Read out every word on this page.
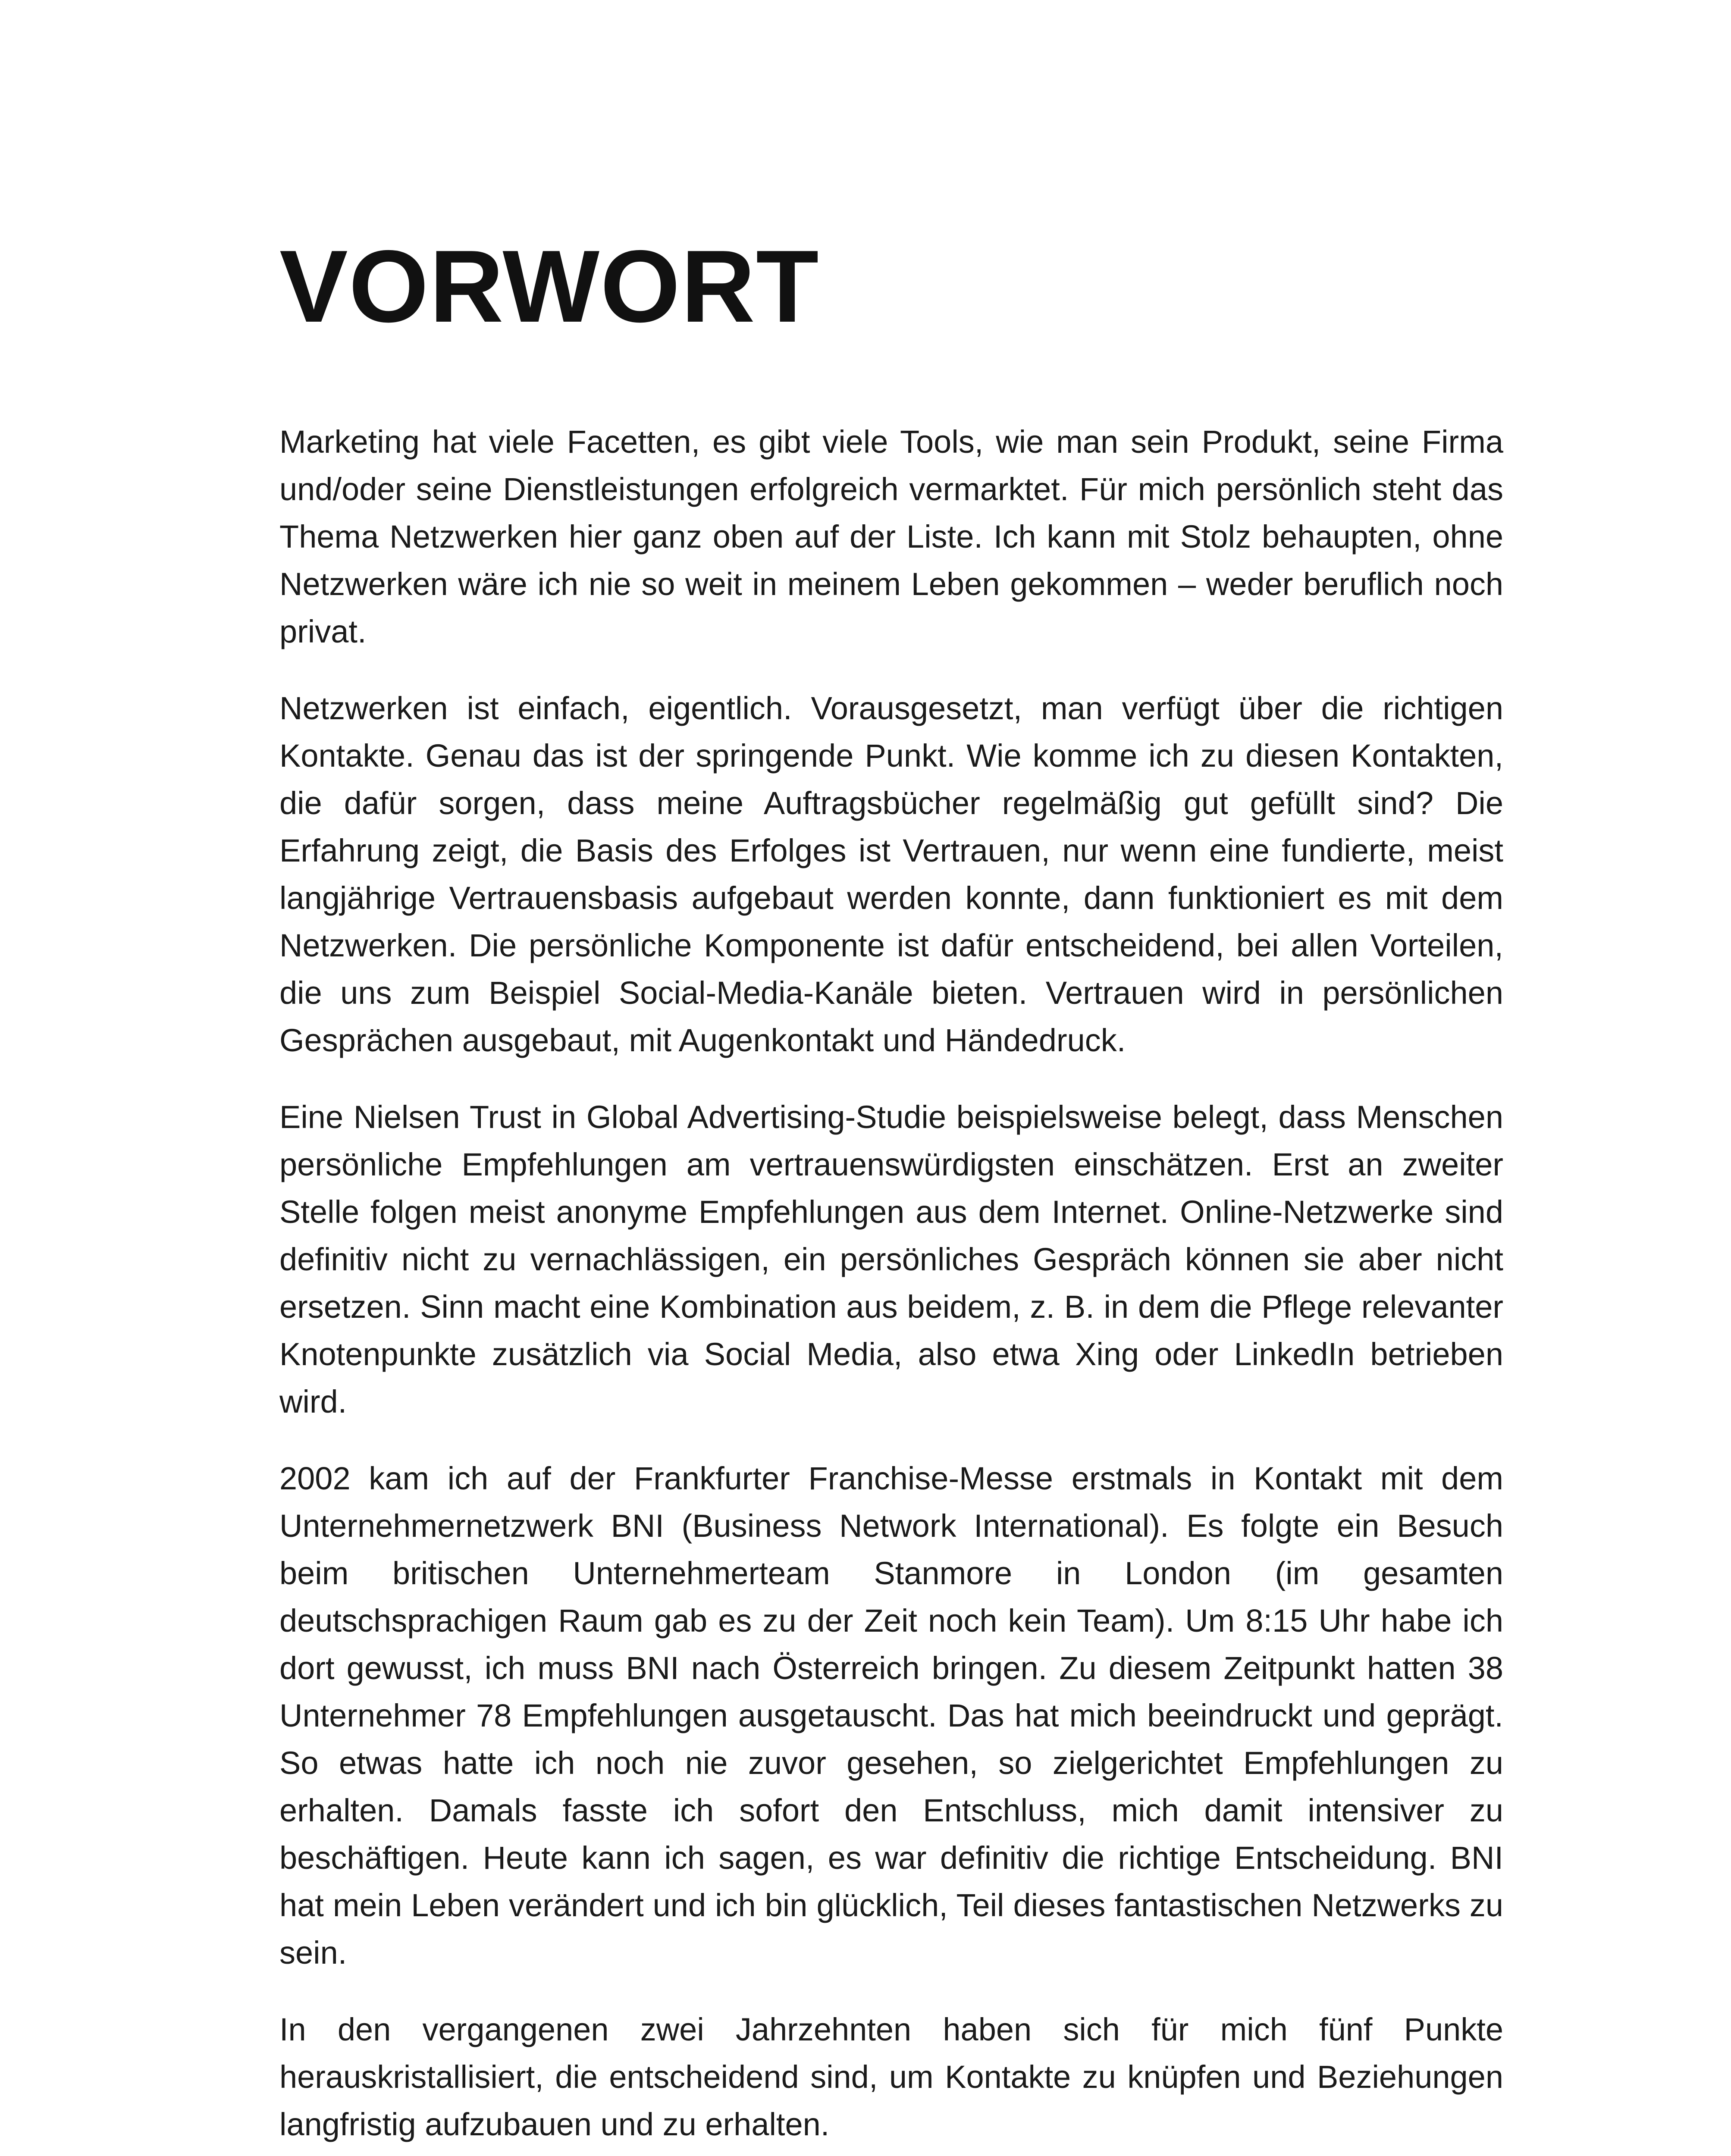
VORWORT

Marketing hat viele Facetten, es gibt viele Tools, wie man sein Produkt, seine Firma und/oder seine Dienstleistungen erfolgreich vermarktet. Für mich persönlich steht das Thema Netzwerken hier ganz oben auf der Liste. Ich kann mit Stolz behaupten, ohne Netzwerken wäre ich nie so weit in meinem Leben gekommen – weder beruflich noch privat.

Netzwerken ist einfach, eigentlich. Vorausgesetzt, man verfügt über die richtigen Kontakte. Genau das ist der springende Punkt. Wie komme ich zu diesen Kontakten, die dafür sorgen, dass meine Auftragsbücher regelmäßig gut gefüllt sind? Die Erfahrung zeigt, die Basis des Erfolges ist Vertrauen, nur wenn eine fundierte, meist langjährige Vertrauensbasis aufgebaut werden konnte, dann funktioniert es mit dem Netzwerken. Die persönliche Komponente ist dafür entscheidend, bei allen Vorteilen, die uns zum Beispiel Social-Media-Kanäle bieten. Vertrauen wird in persönlichen Gesprächen ausgebaut, mit Augenkontakt und Händedruck.

Eine Nielsen Trust in Global Advertising-Studie beispielsweise belegt, dass Menschen persönliche Empfehlungen am vertrauenswürdigsten einschätzen. Erst an zweiter Stelle folgen meist anonyme Empfehlungen aus dem Internet. Online-Netzwerke sind definitiv nicht zu vernachlässigen, ein persönliches Gespräch können sie aber nicht ersetzen. Sinn macht eine Kombination aus beidem, z. B. in dem die Pflege relevanter Knotenpunkte zusätzlich via Social Media, also etwa Xing oder LinkedIn betrieben wird.

2002 kam ich auf der Frankfurter Franchise-Messe erstmals in Kontakt mit dem Unternehmernetzwerk BNI (Business Network International). Es folgte ein Besuch beim britischen Unternehmerteam Stanmore in London (im gesamten deutschsprachigen Raum gab es zu der Zeit noch kein Team). Um 8:15 Uhr habe ich dort gewusst, ich muss BNI nach Österreich bringen. Zu diesem Zeitpunkt hatten 38 Unternehmer 78 Empfehlungen ausgetauscht. Das hat mich beeindruckt und geprägt. So etwas hatte ich noch nie zuvor gesehen, so zielgerichtet Empfehlungen zu erhalten. Damals fasste ich sofort den Entschluss, mich damit intensiver zu beschäftigen. Heute kann ich sagen, es war definitiv die richtige Entscheidung. BNI hat mein Leben verändert und ich bin glücklich, Teil dieses fantastischen Netzwerks zu sein.

In den vergangenen zwei Jahrzehnten haben sich für mich fünf Punkte herauskristallisiert, die entscheidend sind, um Kontakte zu knüpfen und Beziehungen langfristig aufzubauen und zu erhalten.
